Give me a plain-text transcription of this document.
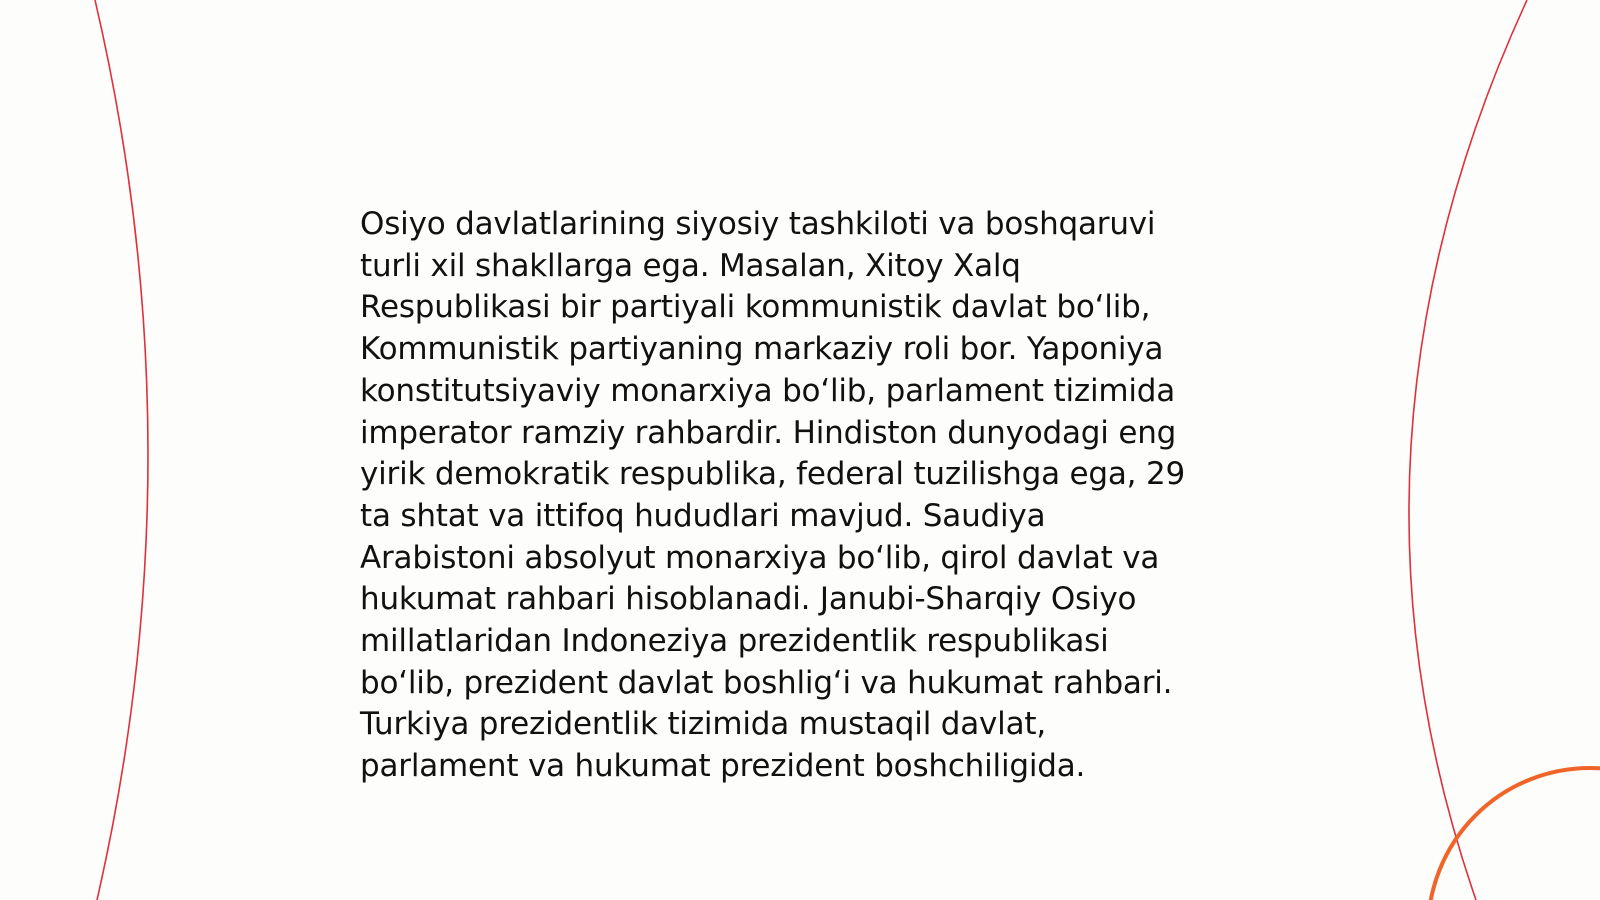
Osiyo davlatlarining siyosiy tashkiloti va boshqaruvi
turli xil shakllarga ega. Masalan, Xitoy Xalq
Respublikasi bir partiyali kommunistik davlat bo‘lib,
Kommunistik partiyaning markaziy roli bor. Yaponiya
konstitutsiyaviy monarxiya bo‘lib, parlament tizimida
imperator ramziy rahbardir. Hindiston dunyodagi eng
yirik demokratik respublika, federal tuzilishga ega, 29
ta shtat va ittifoq hududlari mavjud. Saudiya
Arabistoni absolyut monarxiya bo‘lib, qirol davlat va
hukumat rahbari hisoblanadi. Janubi-Sharqiy Osiyo
millatlaridan Indoneziya prezidentlik respublikasi
bo‘lib, prezident davlat boshlig‘i va hukumat rahbari.
Turkiya prezidentlik tizimida mustaqil davlat,
parlament va hukumat prezident boshchiligida.
